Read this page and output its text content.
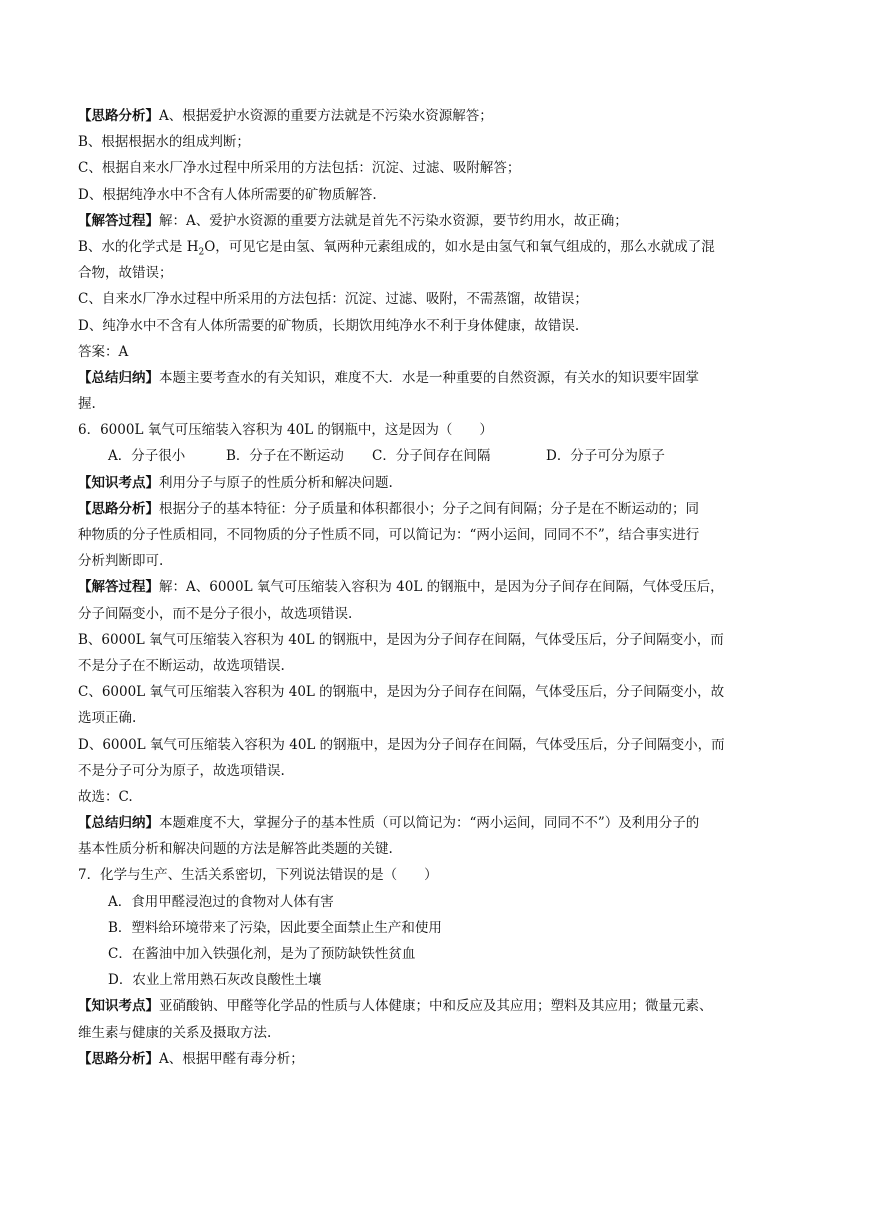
【思路分析】A、根据爱护水资源的重要方法就是不污染水资源解答；
B、根据根据水的组成判断；
C、根据自来水厂净水过程中所采用的方法包括：沉淀、过滤、吸附解答；
D、根据纯净水中不含有人体所需要的矿物质解答.
【解答过程】解：A、爱护水资源的重要方法就是首先不污染水资源，要节约用水，故正确；
B、水的化学式是 $H_2O$，可见它是由氢、氧两种元素组成的，如水是由氢气和氧气组成的，那么水就成了混
合物，故错误；
C、自来水厂净水过程中所采用的方法包括：沉淀、过滤、吸附，不需蒸馏，故错误；
D、纯净水中不含有人体所需要的矿物质，长期饮用纯净水不利于身体健康，故错误.
答案：A
【总结归纳】本题主要考查水的有关知识，难度不大．水是一种重要的自然资源，有关水的知识要牢固掌
握.
6．6000L 氧气可压缩装入容积为 40L 的钢瓶中，这是因为（　　）
A．分子很小	B．分子在不断运动 C．分子间存在间隔	D．分子可分为原子
【知识考点】利用分子与原子的性质分析和解决问题.
【思路分析】根据分子的基本特征：分子质量和体积都很小；分子之间有间隔；分子是在不断运动的；同
种物质的分子性质相同，不同物质的分子性质不同，可以简记为：“两小运间，同同不不”，结合事实进行
分析判断即可.
【解答过程】解：A、6000L 氧气可压缩装入容积为 40L 的钢瓶中，是因为分子间存在间隔，气体受压后，
分子间隔变小，而不是分子很小，故选项错误.
B、6000L 氧气可压缩装入容积为 40L 的钢瓶中，是因为分子间存在间隔，气体受压后，分子间隔变小，而
不是分子在不断运动，故选项错误.
C、6000L 氧气可压缩装入容积为 40L 的钢瓶中，是因为分子间存在间隔，气体受压后，分子间隔变小，故
选项正确.
D、6000L 氧气可压缩装入容积为 40L 的钢瓶中，是因为分子间存在间隔，气体受压后，分子间隔变小，而
不是分子可分为原子，故选项错误.
故选：C.
【总结归纳】本题难度不大，掌握分子的基本性质（可以简记为：“两小运间，同同不不”）及利用分子的
基本性质分析和解决问题的方法是解答此类题的关键.
7．化学与生产、生活关系密切，下列说法错误的是（　　）
A．食用甲醛浸泡过的食物对人体有害
B．塑料给环境带来了污染，因此要全面禁止生产和使用
C．在酱油中加入铁强化剂，是为了预防缺铁性贫血
D．农业上常用熟石灰改良酸性土壤
【知识考点】亚硝酸钠、甲醛等化学品的性质与人体健康；中和反应及其应用；塑料及其应用；微量元素、
维生素与健康的关系及摄取方法.
【思路分析】A、根据甲醛有毒分析；
